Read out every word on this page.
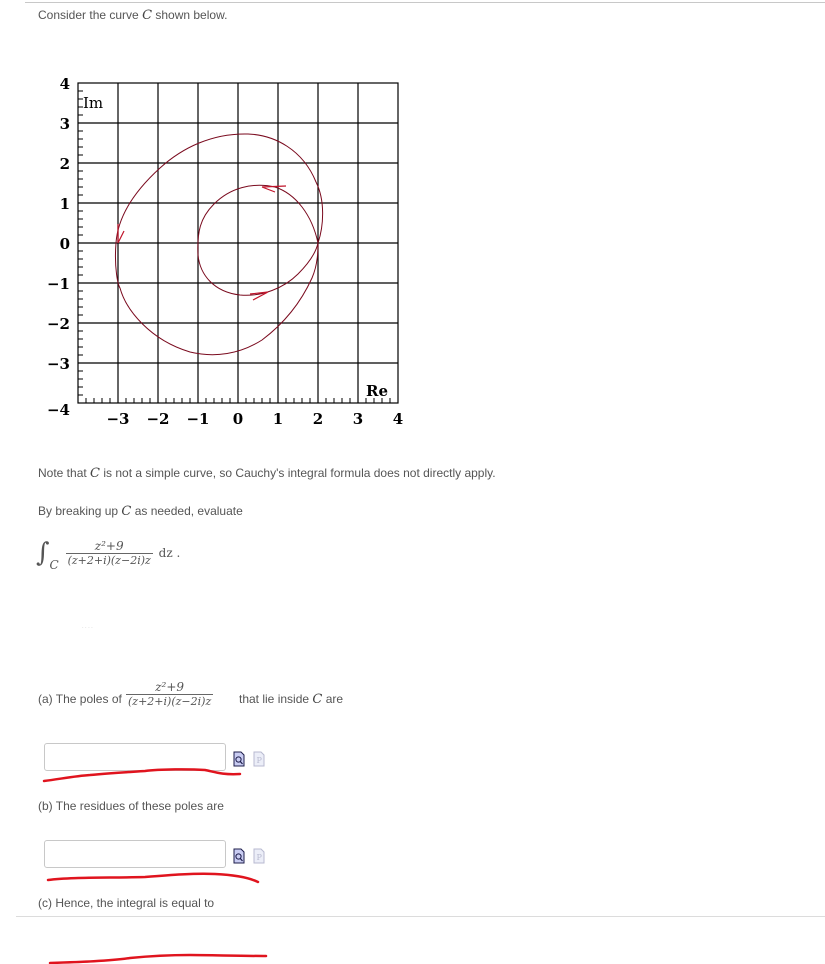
Consider the curve C shown below.
4
3
2
1
0
−1
−2
−3
−4 −3 −2 −1 0 1 2 3 4
Im
Re
Note that C is not a simple curve, so Cauchy's integral formula does not directly apply.
By breaking up C as needed, evaluate
$\int C \frac{\text{z²+9}}{(z+2+i)(z-2i)z}$ dz .
· · · ·
(a) The poles of $\frac{\text{z²+9}}{(z+2+i)(z-2i)z}$ that lie inside C are
P
(b) The residues of these poles are
P
(c) Hence, the integral is equal to
